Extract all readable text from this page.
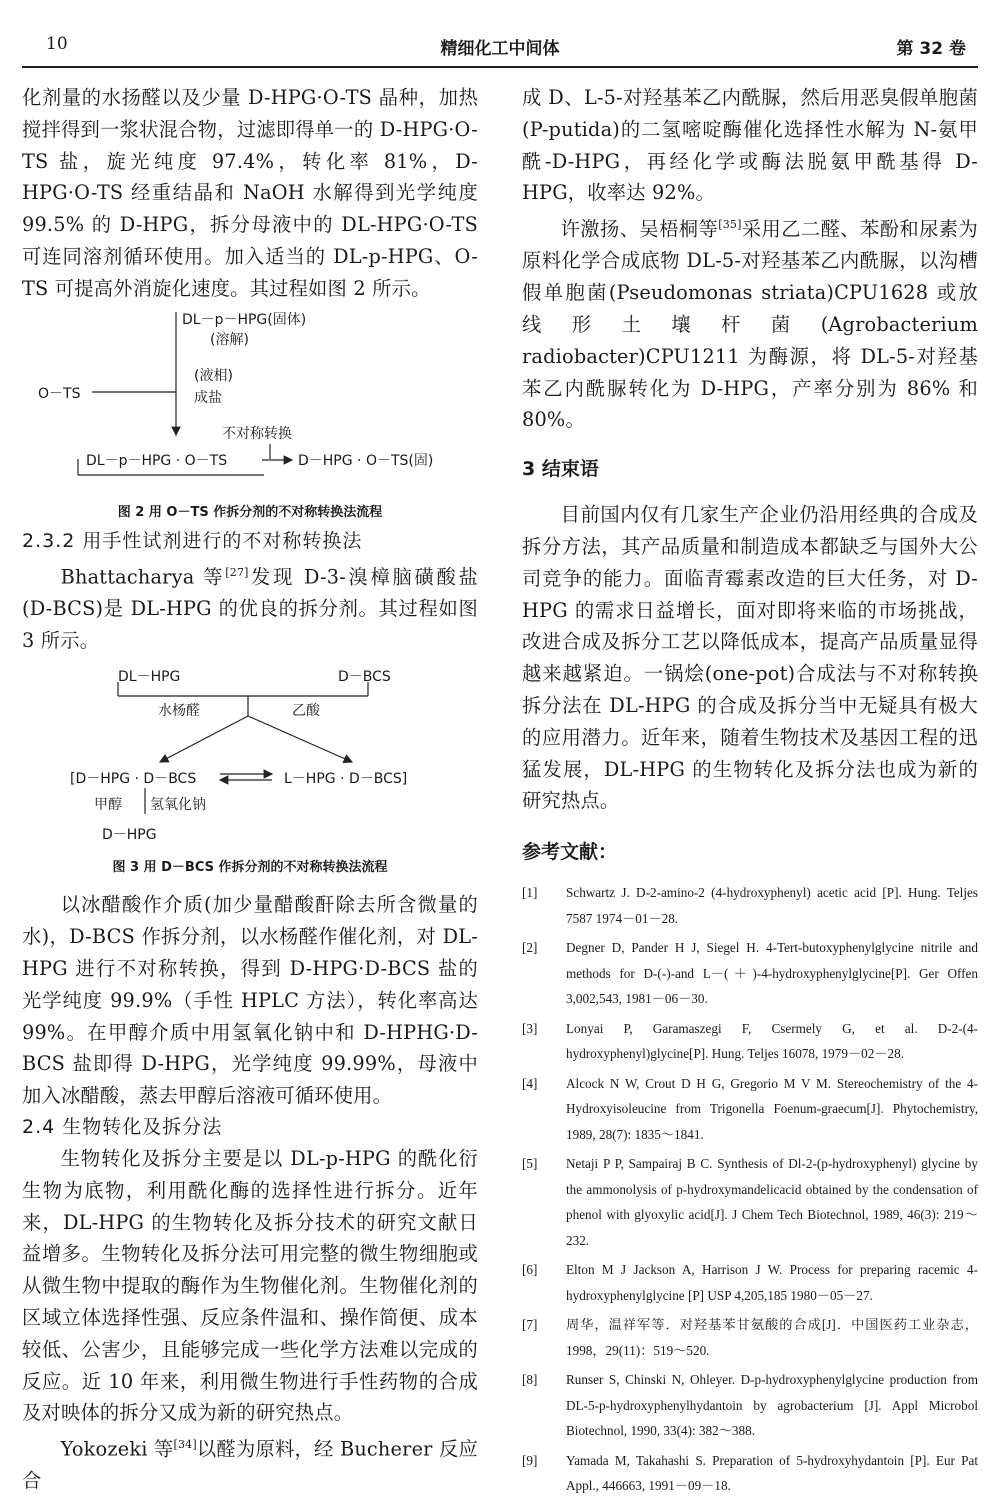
10	精细化工中间体	第 32 卷

化剂量的水扬醛以及少量 D-HPG·O-TS 晶种，加热搅拌得到一浆状混合物，过滤即得单一的 D-HPG·O-TS 盐，旋光纯度 97.4%，转化率 81%，D-HPG·O-TS 经重结晶和 NaOH 水解得到光学纯度 99.5% 的 D-HPG，拆分母液中的 DL-HPG·O-TS 可连同溶剂循环使用。加入适当的 DL-p-HPG、O-TS 可提高外消旋化速度。其过程如图 2 所示。

DL－p－HPG(固体)
(溶解)
O－TS
(液相)
成盐
不对称转换
DL－p－HPG · O－TS	D－HPG · O－TS(固)
图 2 用 O－TS 作拆分剂的不对称转换法流程

2.3.2 用手性试剂进行的不对称转换法

Bhattacharya 等[27]发现 D-3-溴樟脑磺酸盐(D-BCS)是 DL-HPG 的优良的拆分剂。其过程如图 3 所示。

DL－HPG	D－BCS
水杨醛	乙酸
[D－HPG · D－BCS	L－HPG · D－BCS]
甲醇 氢氧化钠
D－HPG
图 3 用 D－BCS 作拆分剂的不对称转换法流程

以冰醋酸作介质(加少量醋酸酐除去所含微量的水)，D-BCS 作拆分剂，以水杨醛作催化剂，对 DL-HPG 进行不对称转换，得到 D-HPG·D-BCS 盐的光学纯度 99.9%（手性 HPLC 方法），转化率高达 99%。在甲醇介质中用氢氧化钠中和 D-HPHG·D-BCS 盐即得 D-HPG，光学纯度 99.99%，母液中加入冰醋酸，蒸去甲醇后溶液可循环使用。

2.4 生物转化及拆分法

生物转化及拆分主要是以 DL-p-HPG 的酰化衍生物为底物，利用酰化酶的选择性进行拆分。近年来，DL-HPG 的生物转化及拆分技术的研究文献日益增多。生物转化及拆分法可用完整的微生物细胞或从微生物中提取的酶作为生物催化剂。生物催化剂的区域立体选择性强、反应条件温和、操作简便、成本较低、公害少，且能够完成一些化学方法难以完成的反应。近 10 年来，利用微生物进行手性药物的合成及对映体的拆分又成为新的研究热点。

Yokozeki 等[34]以醛为原料，经 Bucherer 反应合

成 D、L-5-对羟基苯乙内酰脲，然后用恶臭假单胞菌(P-putida)的二氢嘧啶酶催化选择性水解为 N-氨甲酰-D-HPG，再经化学或酶法脱氨甲酰基得 D-HPG，收率达 92%。

许激扬、吴梧桐等[35]采用乙二醛、苯酚和尿素为原料化学合成底物 DL-5-对羟基苯乙内酰脲，以沟槽假单胞菌(Pseudomonas striata)CPU1628 或放线形土壤杆菌(Agrobacterium radiobacter)CPU1211 为酶源，将 DL-5-对羟基苯乙内酰脲转化为 D-HPG，产率分别为 86% 和 80%。

3 结束语

目前国内仅有几家生产企业仍沿用经典的合成及拆分方法，其产品质量和制造成本都缺乏与国外大公司竞争的能力。面临青霉素改造的巨大任务，对 D-HPG 的需求日益增长，面对即将来临的市场挑战，改进合成及拆分工艺以降低成本，提高产品质量显得越来越紧迫。一锅烩(one-pot)合成法与不对称转换拆分法在 DL-HPG 的合成及拆分当中无疑具有极大的应用潜力。近年来，随着生物技术及基因工程的迅猛发展，DL-HPG 的生物转化及拆分法也成为新的研究热点。

参考文献：
[1]	Schwartz J. D-2-amino-2 (4-hydroxyphenyl) acetic acid [P]. Hung. Teljes 7587 1974－01－28.
[2]	Degner D, Pander H J, Siegel H. 4-Tert-butoxyphenylglycine nitrile and methods for D-(-)-and L－(＋)-4-hydroxyphenylglycine[P]. Ger Offen 3,002,543, 1981－06－30.
[3]	Lonyai P, Garamaszegi F, Csermely G, et al. D-2-(4-hydroxyphenyl)glycine[P]. Hung. Teljes 16078, 1979－02－28.
[4]	Alcock N W, Crout D H G, Gregorio M V M. Stereochemistry of the 4-Hydroxyisoleucine from Trigonella Foenum-graecum[J]. Phytochemistry, 1989, 28(7): 1835～1841.
[5]	Netaji P P, Sampairaj B C. Synthesis of Dl-2-(p-hydroxyphenyl) glycine by the ammonolysis of p-hydroxymandelicacid obtained by the condensation of phenol with glyoxylic acid[J]. J Chem Tech Biotechnol, 1989, 46(3): 219～232.
[6]	Elton M J Jackson A, Harrison J W. Process for preparing racemic 4-hydroxyphenylglycine [P] USP 4,205,185 1980－05－27.
[7]	周华，温祥军等．对羟基苯甘氨酸的合成[J]．中国医药工业杂志，1998，29(11)：519～520.
[8]	Runser S, Chinski N, Ohleyer. D-p-hydroxyphenylglycine production from DL-5-p-hydroxyphenylhydantoin by agrobacterium [J]. Appl Microbol Biotechnol, 1990, 33(4): 382～388.
[9]	Yamada M, Takahashi S. Preparation of 5-hydroxyhydantoin [P]. Eur Pat Appl., 446663, 1991－09－18.
